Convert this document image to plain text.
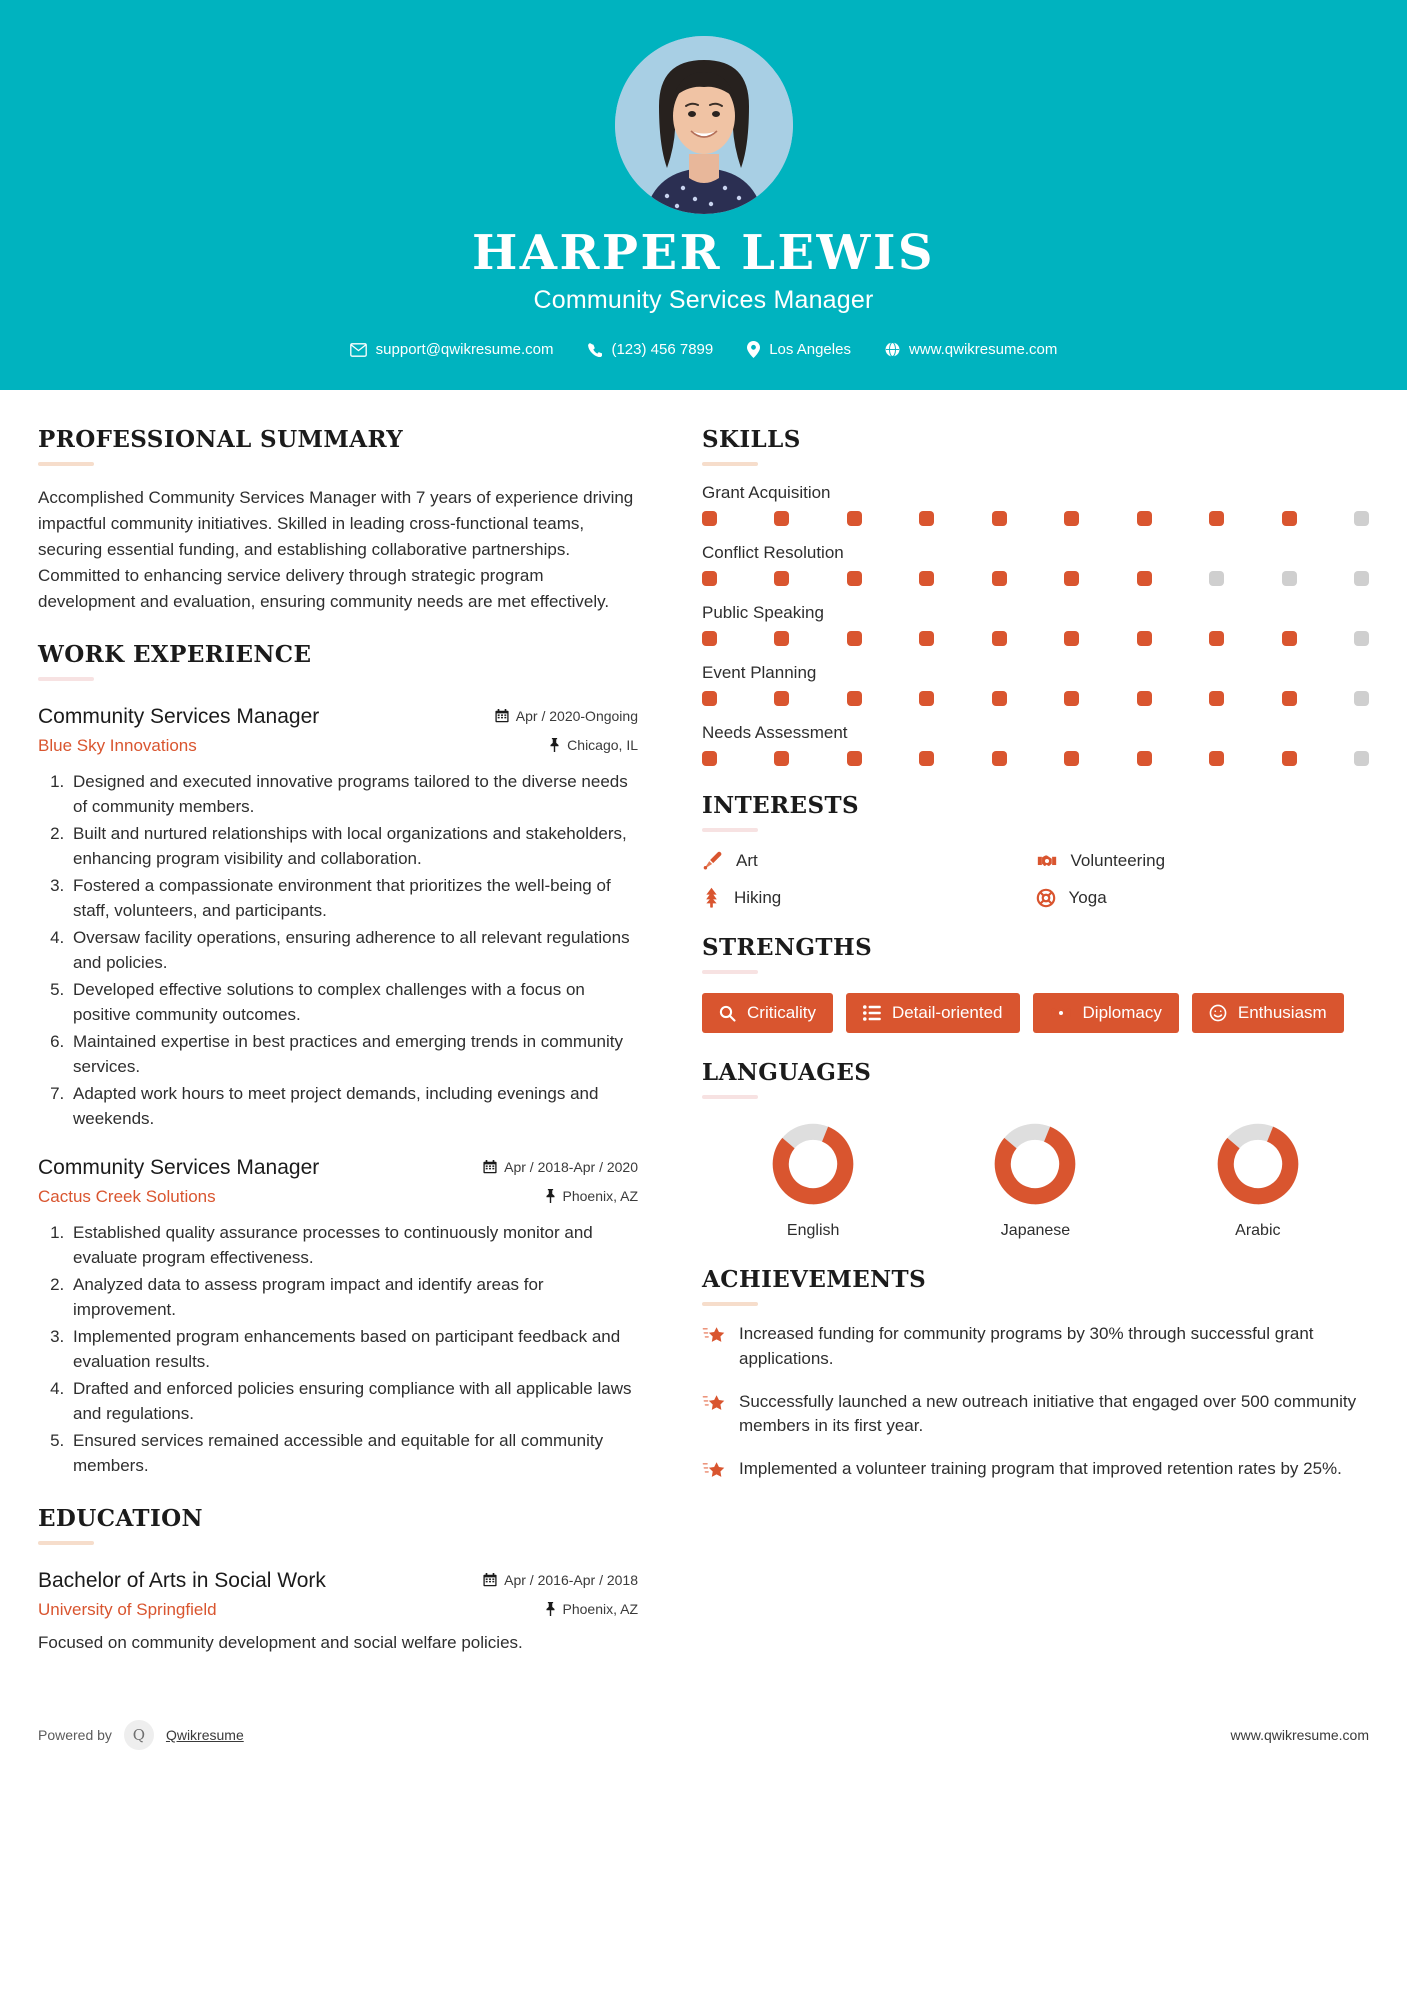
HARPER LEWIS
Community Services Manager
support@qwikresume.com	(123) 456 7899	Los Angeles	www.qwikresume.com
PROFESSIONAL SUMMARY
Accomplished Community Services Manager with 7 years of experience driving impactful community initiatives. Skilled in leading cross-functional teams, securing essential funding, and establishing collaborative partnerships. Committed to enhancing service delivery through strategic program development and evaluation, ensuring community needs are met effectively.
WORK EXPERIENCE
Community Services Manager
Blue Sky Innovations
Apr / 2020-Ongoing
Chicago, IL
1. Designed and executed innovative programs tailored to the diverse needs of community members.
2. Built and nurtured relationships with local organizations and stakeholders, enhancing program visibility and collaboration.
3. Fostered a compassionate environment that prioritizes the well-being of staff, volunteers, and participants.
4. Oversaw facility operations, ensuring adherence to all relevant regulations and policies.
5. Developed effective solutions to complex challenges with a focus on positive community outcomes.
6. Maintained expertise in best practices and emerging trends in community services.
7. Adapted work hours to meet project demands, including evenings and weekends.
Community Services Manager
Cactus Creek Solutions
Apr / 2018-Apr / 2020
Phoenix, AZ
1. Established quality assurance processes to continuously monitor and evaluate program effectiveness.
2. Analyzed data to assess program impact and identify areas for improvement.
3. Implemented program enhancements based on participant feedback and evaluation results.
4. Drafted and enforced policies ensuring compliance with all applicable laws and regulations.
5. Ensured services remained accessible and equitable for all community members.
EDUCATION
Bachelor of Arts in Social Work
University of Springfield
Apr / 2016-Apr / 2018
Phoenix, AZ
Focused on community development and social welfare policies.
SKILLS
Grant Acquisition
Conflict Resolution
Public Speaking
Event Planning
Needs Assessment
INTERESTS
Art	Volunteering
Hiking	Yoga
STRENGTHS
Criticality	Detail-oriented	Diplomacy	Enthusiasm
LANGUAGES
English	Japanese	Arabic
ACHIEVEMENTS
Increased funding for community programs by 30% through successful grant applications.
Successfully launched a new outreach initiative that engaged over 500 community members in its first year.
Implemented a volunteer training program that improved retention rates by 25%.
Powered by	Q	Qwikresume	www.qwikresume.com
